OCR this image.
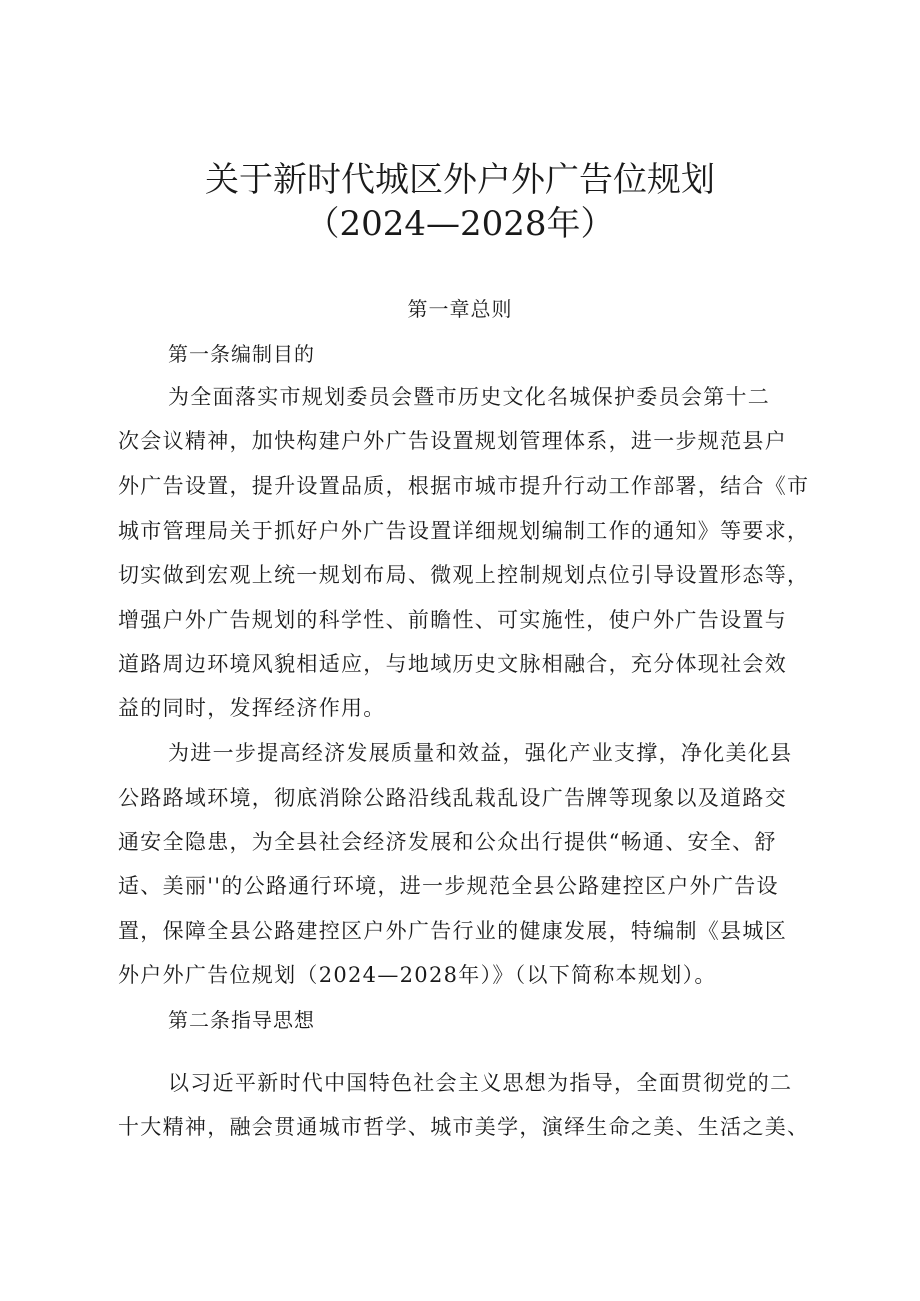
关于新时代城区外户外广告位规划
（2024—2028年）
第一章总则
第一条编制目的
为全面落实市规划委员会暨市历史文化名城保护委员会第十二
次会议精神，加快构建户外广告设置规划管理体系，进一步规范县户
外广告设置，提升设置品质，根据市城市提升行动工作部署，结合《市
城市管理局关于抓好户外广告设置详细规划编制工作的通知》等要求，
切实做到宏观上统一规划布局、微观上控制规划点位引导设置形态等，
增强户外广告规划的科学性、前瞻性、可实施性，使户外广告设置与
道路周边环境风貌相适应，与地域历史文脉相融合，充分体现社会效
益的同时，发挥经济作用。
为进一步提高经济发展质量和效益，强化产业支撑，净化美化县
公路路域环境，彻底消除公路沿线乱栽乱设广告牌等现象以及道路交
通安全隐患，为全县社会经济发展和公众出行提供“畅通、安全、舒
适、美丽''的公路通行环境，进一步规范全县公路建控区户外广告设
置，保障全县公路建控区户外广告行业的健康发展，特编制《县城区
外户外广告位规划（2024—2028年）》（以下简称本规划）。
第二条指导思想
以习近平新时代中国特色社会主义思想为指导，全面贯彻党的二
十大精神，融会贯通城市哲学、城市美学，演绎生命之美、生活之美、
